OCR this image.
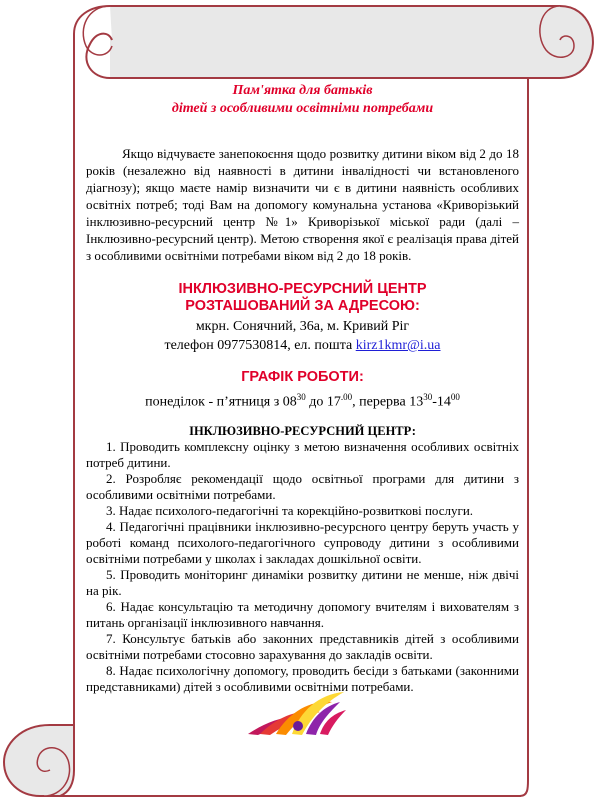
Пам'ятка для батьків

дітей з особливими освітніми потребами

Якщо відчуваєте занепокоєння щодо розвитку дитини віком від 2 до 18 років (незалежно від наявності в дитини інвалідності чи встановленого діагнозу); якщо маєте намір визначити чи є в дитини наявність особливих освітніх потреб; тоді Вам на допомогу комунальна установа «Криворізький інклюзивно-ресурсний центр №1» Криворізької міської ради (далі – Інклюзивно-ресурсний центр). Метою створення якої є реалізація права дітей з особливими освітніми потребами віком від 2 до 18 років.

ІНКЛЮЗИВНО-РЕСУРСНИЙ ЦЕНТР

РОЗТАШОВАНИЙ ЗА АДРЕСОЮ:

мкрн. Сонячний, 36а, м. Кривий Ріг

телефон 0977530814, ел. пошта kirz1kmr@i.ua

ГРАФІК РОБОТИ:

понеділок - п’ятниця з $08^{30}$ до $17^{.00}$, перерва $13^{30}-14^{00}$

ІНКЛЮЗИВНО-РЕСУРСНИЙ ЦЕНТР:

1. Проводить комплексну оцінку з метою визначення особливих освітніх потреб дитини.

2. Розробляє рекомендації щодо освітньої програми для дитини з особливими освітніми потребами.

3. Надає психолого-педагогічні та корекційно-розвиткові послуги.

4. Педагогічні працівники інклюзивно-ресурсного центру беруть участь у роботі команд психолого-педагогічного супроводу дитини з особливими освітніми потребами у школах і закладах дошкільної освіти.

5. Проводить моніторинг динаміки розвитку дитини не менше, ніж двічі на рік.

6. Надає консультацію та методичну допомогу вчителям і вихователям з питань організації інклюзивного навчання.

7. Консультує батьків або законних представників дітей з особливими освітніми потребами стосовно зарахування до закладів освіти.

8. Надає психологічну допомогу, проводить бесіди з батьками (законними представниками) дітей з особливими освітніми потребами.
